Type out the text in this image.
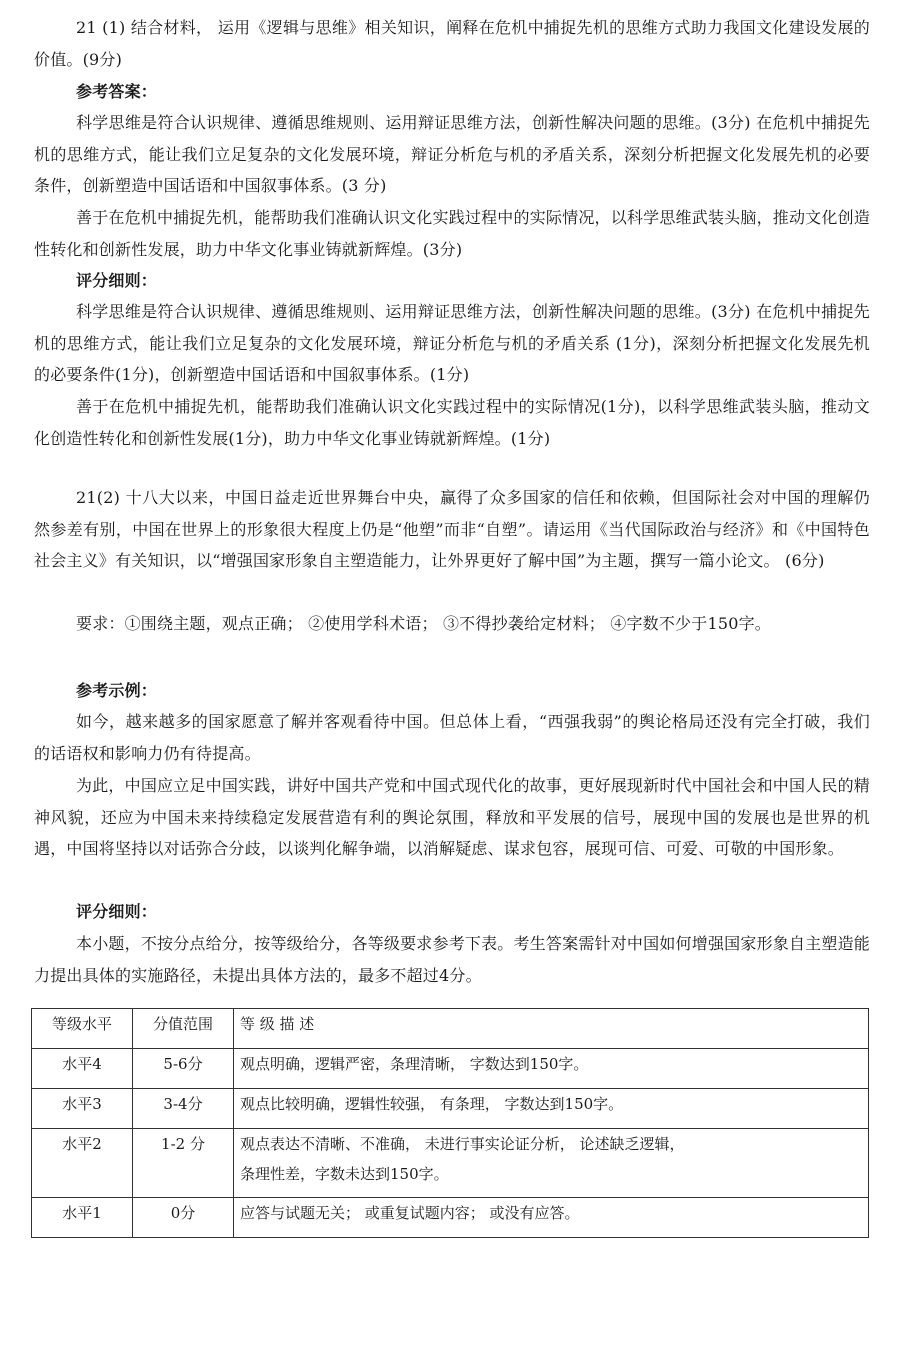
21 (1) 结合材料， 运用《逻辑与思维》相关知识，阐释在危机中捕捉先机的思维方式助力我国文化建设发展的价值。(9分)
参考答案：
科学思维是符合认识规律、遵循思维规则、运用辩证思维方法，创新性解决问题的思维。(3分) 在危机中捕捉先机的思维方式，能让我们立足复杂的文化发展环境，辩证分析危与机的矛盾关系，深刻分析把握文化发展先机的必要条件，创新塑造中国话语和中国叙事体系。(3 分)
善于在危机中捕捉先机，能帮助我们准确认识文化实践过程中的实际情况，以科学思维武装头脑，推动文化创造性转化和创新性发展，助力中华文化事业铸就新辉煌。(3分)
评分细则：
科学思维是符合认识规律、遵循思维规则、运用辩证思维方法，创新性解决问题的思维。(3分) 在危机中捕捉先机的思维方式，能让我们立足复杂的文化发展环境，辩证分析危与机的矛盾关系 (1分)，深刻分析把握文化发展先机的必要条件(1分)，创新塑造中国话语和中国叙事体系。(1分)
善于在危机中捕捉先机，能帮助我们准确认识文化实践过程中的实际情况(1分)，以科学思维武装头脑，推动文化创造性转化和创新性发展(1分)，助力中华文化事业铸就新辉煌。(1分)
21(2) 十八大以来，中国日益走近世界舞台中央，赢得了众多国家的信任和依赖，但国际社会对中国的理解仍然参差有别，中国在世界上的形象很大程度上仍是“他塑”而非“自塑”。请运用《当代国际政治与经济》和《中国特色社会主义》有关知识，以“增强国家形象自主塑造能力，让外界更好了解中国”为主题，撰写一篇小论文。 (6分)
要求：①围绕主题，观点正确； ②使用学科术语； ③不得抄袭给定材料； ④字数不少于150字。
参考示例：
如今，越来越多的国家愿意了解并客观看待中国。但总体上看，“西强我弱”的舆论格局还没有完全打破，我们的话语权和影响力仍有待提高。
为此，中国应立足中国实践，讲好中国共产党和中国式现代化的故事，更好展现新时代中国社会和中国人民的精神风貌，还应为中国未来持续稳定发展营造有利的舆论氛围，释放和平发展的信号，展现中国的发展也是世界的机遇，中国将坚持以对话弥合分歧，以谈判化解争端，以消解疑虑、谋求包容，展现可信、可爱、可敬的中国形象。
评分细则：
本小题，不按分点给分，按等级给分，各等级要求参考下表。考生答案需针对中国如何增强国家形象自主塑造能力提出具体的实施路径，未提出具体方法的，最多不超过4分。
等级水平	分值范围	等 级 描 述
水平4	5-6分	观点明确，逻辑严密，条理清晰， 字数达到150字。
水平3	3-4分	观点比较明确，逻辑性较强， 有条理， 字数达到150字。
水平2	1-2 分	观点表达不清晰、不准确， 未进行事实论证分析， 论述缺乏逻辑，
条理性差，字数未达到150字。

水平1	0分	应答与试题无关； 或重复试题内容； 或没有应答。
